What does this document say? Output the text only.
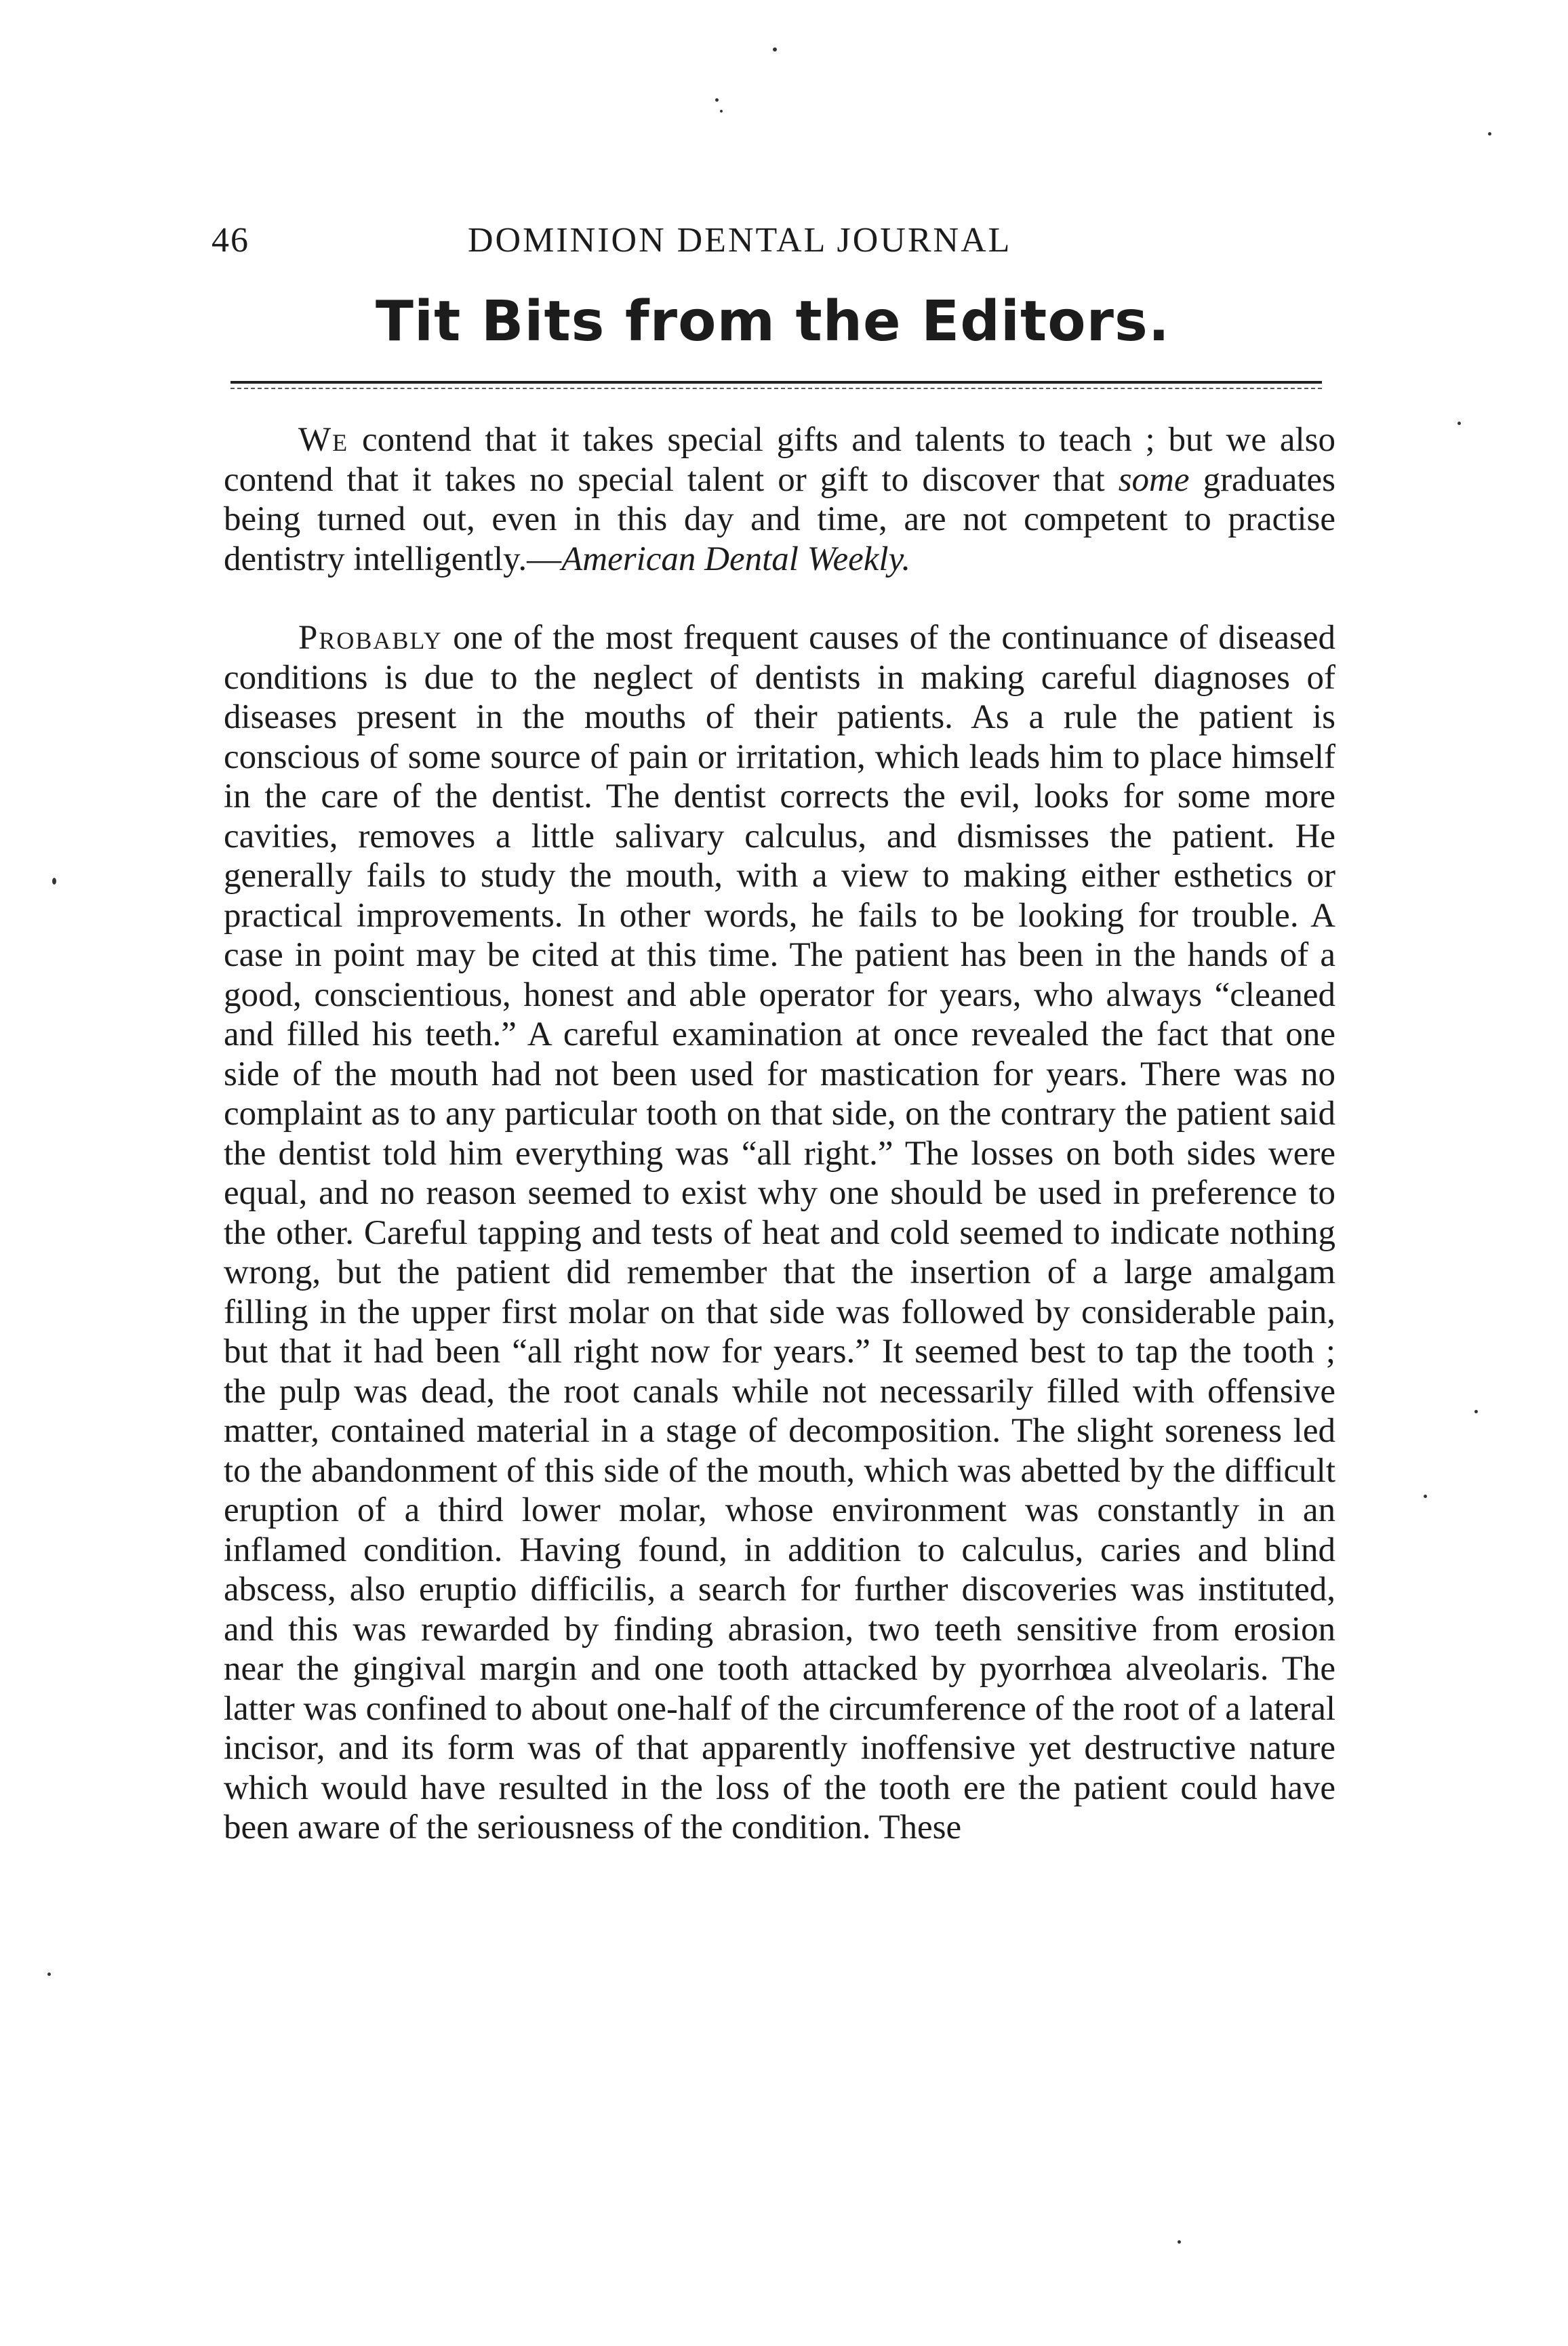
46	DOMINION DENTAL JOURNAL
Tit Bits from the Editors.

We contend that it takes special gifts and talents to teach ; but we also contend that it takes no special talent or gift to discover that some graduates being turned out, even in this day and time, are not competent to practise dentistry intelligently.—American Dental Weekly.

Probably one of the most frequent causes of the continuance of diseased conditions is due to the neglect of dentists in making careful diagnoses of diseases present in the mouths of their patients. As a rule the patient is conscious of some source of pain or irritation, which leads him to place himself in the care of the dentist. The dentist corrects the evil, looks for some more cavities, removes a little salivary calculus, and dismisses the patient. He generally fails to study the mouth, with a view to making either esthetics or practical improvements. In other words, he fails to be looking for trouble. A case in point may be cited at this time. The patient has been in the hands of a good, conscientious, honest and able operator for years, who always “cleaned and filled his teeth.” A careful examination at once revealed the fact that one side of the mouth had not been used for mastication for years. There was no complaint as to any particular tooth on that side, on the contrary the patient said the dentist told him everything was “all right.” The losses on both sides were equal, and no reason seemed to exist why one should be used in preference to the other. Careful tapping and tests of heat and cold seemed to indicate nothing wrong, but the patient did remember that the insertion of a large amalgam filling in the upper first molar on that side was followed by considerable pain, but that it had been “all right now for years.” It seemed best to tap the tooth ; the pulp was dead, the root canals while not necessarily filled with offensive matter, contained material in a stage of decomposition. The slight soreness led to the abandonment of this side of the mouth, which was abetted by the difficult eruption of a third lower molar, whose environment was constantly in an inflamed condition. Having found, in addition to calculus, caries and blind abscess, also eruptio difficilis, a search for further discoveries was instituted, and this was rewarded by finding abrasion, two teeth sensitive from erosion near the gingival margin and one tooth attacked by pyorrhœa alveolaris. The latter was confined to about one-half of the circumference of the root of a lateral incisor, and its form was of that apparently inoffensive yet destructive nature which would have resulted in the loss of the tooth ere the patient could have been aware of the seriousness of the condition. These
